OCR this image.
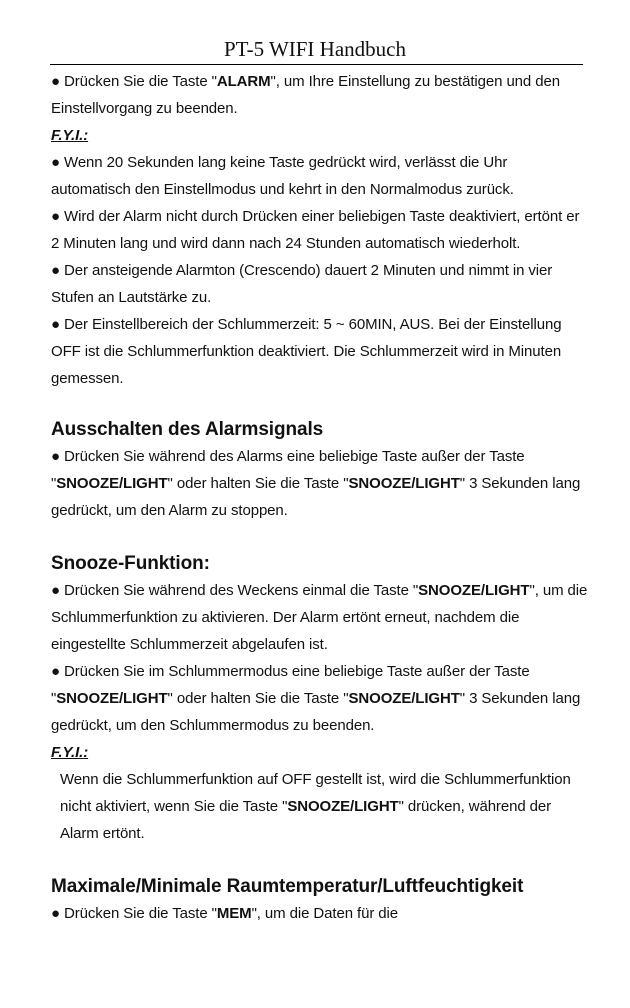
PT-5 WIFI Handbuch

● Drücken Sie die Taste "ALARM", um Ihre Einstellung zu bestätigen und den Einstellvorgang zu beenden.

F.Y.I.:

● Wenn 20 Sekunden lang keine Taste gedrückt wird, verlässt die Uhr automatisch den Einstellmodus und kehrt in den Normalmodus zurück.

● Wird der Alarm nicht durch Drücken einer beliebigen Taste deaktiviert, ertönt er 2 Minuten lang und wird dann nach 24 Stunden automatisch wiederholt.

● Der ansteigende Alarmton (Crescendo) dauert 2 Minuten und nimmt in vier Stufen an Lautstärke zu.

● Der Einstellbereich der Schlummerzeit: 5 ~ 60MIN, AUS. Bei der Einstellung OFF ist die Schlummerfunktion deaktiviert. Die Schlummerzeit wird in Minuten gemessen.

Ausschalten des Alarmsignals

● Drücken Sie während des Alarms eine beliebige Taste außer der Taste "SNOOZE/LIGHT" oder halten Sie die Taste "SNOOZE/LIGHT" 3 Sekunden lang gedrückt, um den Alarm zu stoppen.

Snooze-Funktion:

● Drücken Sie während des Weckens einmal die Taste "SNOOZE/LIGHT", um die Schlummerfunktion zu aktivieren. Der Alarm ertönt erneut, nachdem die eingestellte Schlummerzeit abgelaufen ist.

● Drücken Sie im Schlummermodus eine beliebige Taste außer der Taste "SNOOZE/LIGHT" oder halten Sie die Taste "SNOOZE/LIGHT" 3 Sekunden lang gedrückt, um den Schlummermodus zu beenden.

F.Y.I.:

Wenn die Schlummerfunktion auf OFF gestellt ist, wird die Schlummerfunktion nicht aktiviert, wenn Sie die Taste "SNOOZE/LIGHT" drücken, während der Alarm ertönt.

Maximale/Minimale Raumtemperatur/Luftfeuchtigkeit

● Drücken Sie die Taste "MEM", um die Daten für die
